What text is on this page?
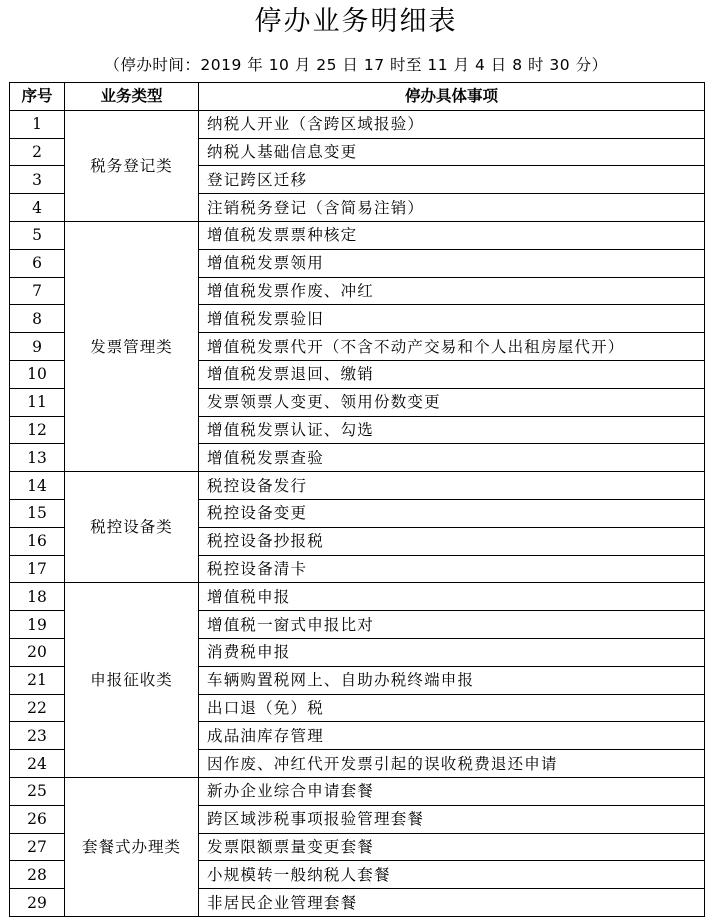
停办业务明细表
（停办时间：2019 年 10 月 25 日 17 时至 11 月 4 日 8 时 30 分）
序号	业务类型	停办具体事项
1	税务登记类	纳税人开业（含跨区域报验）
2		纳税人基础信息变更
3		登记跨区迁移
4		注销税务登记（含简易注销）
5	发票管理类	增值税发票票种核定
6		增值税发票领用
7		增值税发票作废、冲红
8		增值税发票验旧
9		增值税发票代开（不含不动产交易和个人出租房屋代开）
10		增值税发票退回、缴销
11		发票领票人变更、领用份数变更
12		增值税发票认证、勾选
13		增值税发票查验
14	税控设备类	税控设备发行
15		税控设备变更
16		税控设备抄报税
17		税控设备清卡
18	申报征收类	增值税申报
19		增值税一窗式申报比对
20		消费税申报
21		车辆购置税网上、自助办税终端申报
22		出口退（免）税
23		成品油库存管理
24		因作废、冲红代开发票引起的误收税费退还申请
25	套餐式办理类	新办企业综合申请套餐
26		跨区域涉税事项报验管理套餐
27		发票限额票量变更套餐
28		小规模转一般纳税人套餐
29		非居民企业管理套餐
